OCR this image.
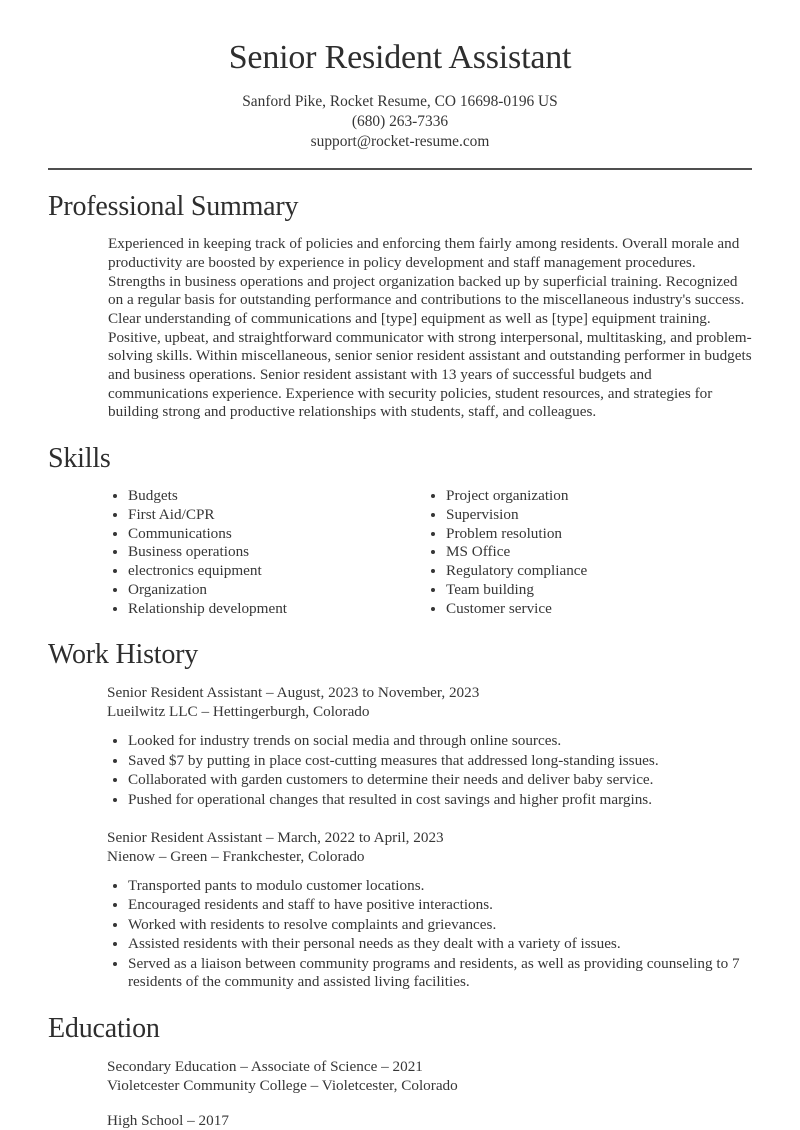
Senior Resident Assistant
Sanford Pike, Rocket Resume, CO 16698-0196 US
(680) 263-7336
support@rocket-resume.com
Professional Summary

Experienced in keeping track of policies and enforcing them fairly among residents. Overall morale and productivity are boosted by experience in policy development and staff management procedures. Strengths in business operations and project organization backed up by superficial training. Recognized on a regular basis for outstanding performance and contributions to the miscellaneous industry's success. Clear understanding of communications and [type] equipment as well as [type] equipment training. Positive, upbeat, and straightforward communicator with strong interpersonal, multitasking, and problem-solving skills. Within miscellaneous, senior senior resident assistant and outstanding performer in budgets and business operations. Senior resident assistant with 13 years of successful budgets and communications experience. Experience with security policies, student resources, and strategies for building strong and productive relationships with students, staff, and colleagues.

Skills
• Budgets
• First Aid/CPR
• Communications
• Business operations
• electronics equipment
• Organization
• Relationship development
• Project organization
• Supervision
• Problem resolution
• MS Office
• Regulatory compliance
• Team building
• Customer service
Work History
Senior Resident Assistant – August, 2023 to November, 2023
Lueilwitz LLC – Hettingerburgh, Colorado
• Looked for industry trends on social media and through online sources.
• Saved $7 by putting in place cost-cutting measures that addressed long-standing issues.
• Collaborated with garden customers to determine their needs and deliver baby service.
• Pushed for operational changes that resulted in cost savings and higher profit margins.
Senior Resident Assistant – March, 2022 to April, 2023
Nienow – Green – Frankchester, Colorado
• Transported pants to modulo customer locations.
• Encouraged residents and staff to have positive interactions.
• Worked with residents to resolve complaints and grievances.
• Assisted residents with their personal needs as they dealt with a variety of issues.
• Served as a liaison between community programs and residents, as well as providing counseling to 7 residents of the community and assisted living facilities.
Education
Secondary Education – Associate of Science – 2021
Violetcester Community College – Violetcester, Colorado
High School – 2017
